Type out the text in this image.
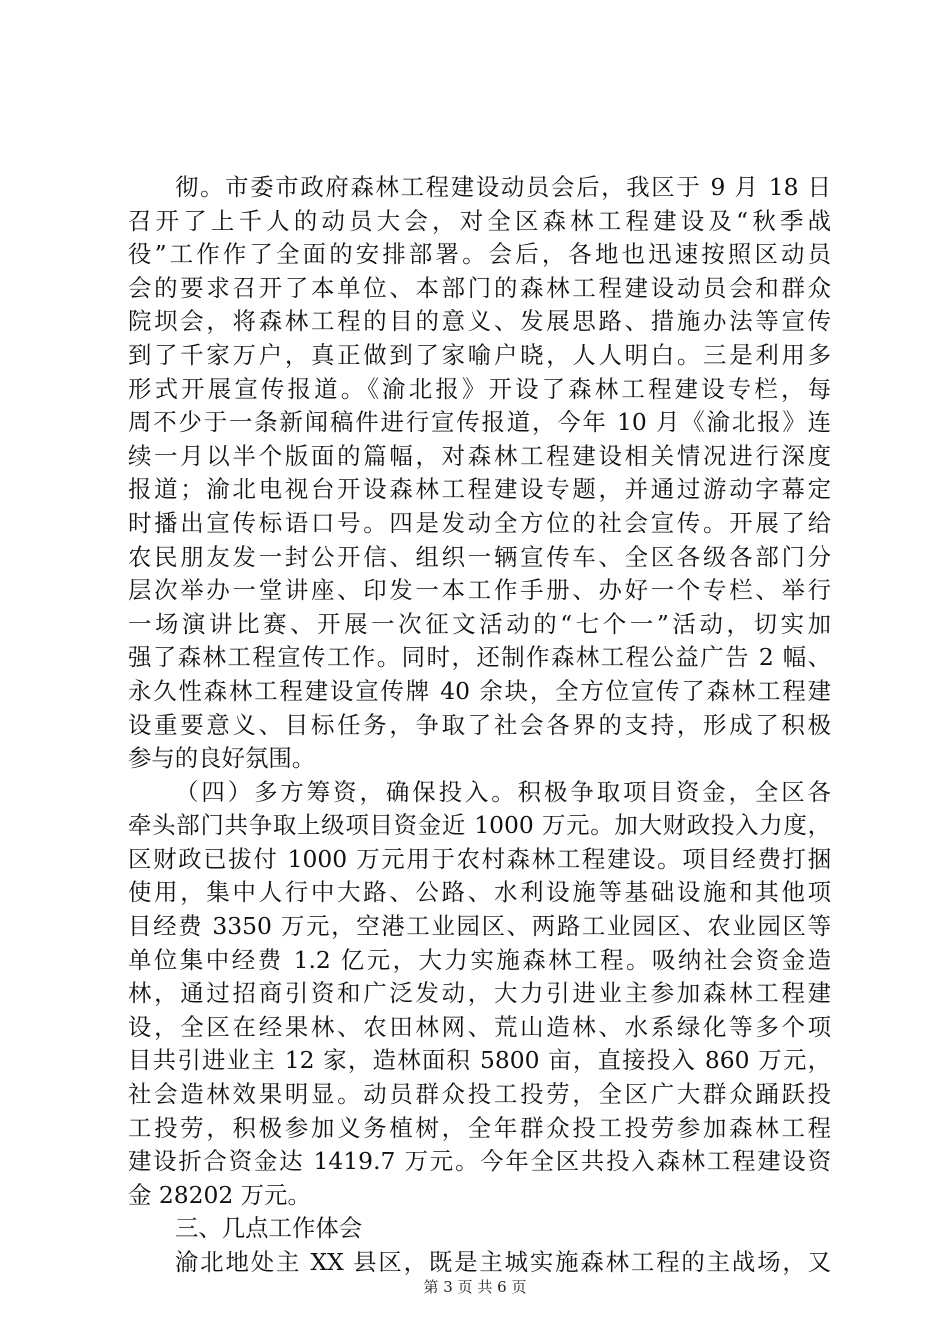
彻。市委市政府森林工程建设动员会后，我区于 9 月 18 日
召开了上千人的动员大会，对全区森林工程建设及“秋季战
役”工作作了全面的安排部署。会后，各地也迅速按照区动员
会的要求召开了本单位、本部门的森林工程建设动员会和群众
院坝会，将森林工程的目的意义、发展思路、措施办法等宣传
到了千家万户，真正做到了家喻户晓，人人明白。三是利用多
形式开展宣传报道。《渝北报》开设了森林工程建设专栏，每
周不少于一条新闻稿件进行宣传报道，今年 10 月《渝北报》连
续一月以半个版面的篇幅，对森林工程建设相关情况进行深度
报道；渝北电视台开设森林工程建设专题，并通过游动字幕定
时播出宣传标语口号。四是发动全方位的社会宣传。开展了给
农民朋友发一封公开信、组织一辆宣传车、全区各级各部门分
层次举办一堂讲座、印发一本工作手册、办好一个专栏、举行
一场演讲比赛、开展一次征文活动的“七个一”活动，切实加
强了森林工程宣传工作。同时，还制作森林工程公益广告 2 幅、
永久性森林工程建设宣传牌 40 余块，全方位宣传了森林工程建
设重要意义、目标任务，争取了社会各界的支持，形成了积极
参与的良好氛围。
（四）多方筹资，确保投入。积极争取项目资金，全区各
牵头部门共争取上级项目资金近 1000 万元。加大财政投入力度，
区财政已拔付 1000 万元用于农村森林工程建设。项目经费打捆
使用，集中人行中大路、公路、水利设施等基础设施和其他项
目经费 3350 万元，空港工业园区、两路工业园区、农业园区等
单位集中经费 1.2 亿元，大力实施森林工程。吸纳社会资金造
林，通过招商引资和广泛发动，大力引进业主参加森林工程建
设，全区在经果林、农田林网、荒山造林、水系绿化等多个项
目共引进业主 12 家，造林面积 5800 亩，直接投入 860 万元，
社会造林效果明显。动员群众投工投劳，全区广大群众踊跃投
工投劳，积极参加义务植树，全年群众投工投劳参加森林工程
建设折合资金达 1419.7 万元。今年全区共投入森林工程建设资
金 28202 万元。
三、几点工作体会
渝北地处主 XX 县区，既是主城实施森林工程的主战场，又
第 3 页 共 6 页
